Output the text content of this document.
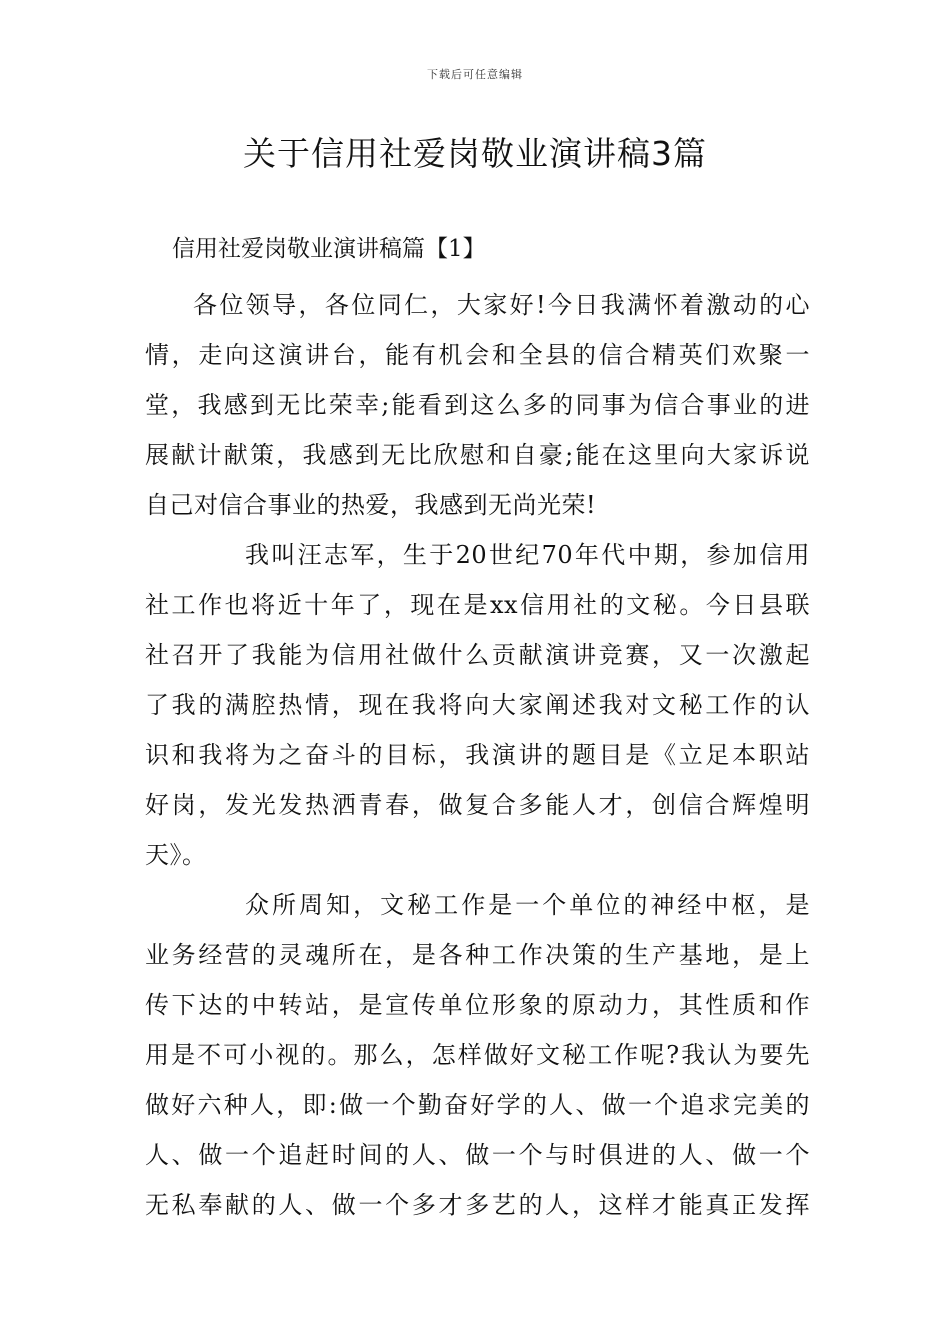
下载后可任意编辑
关于信用社爱岗敬业演讲稿3篇
信用社爱岗敬业演讲稿篇【1】

各位领导，各位同仁，大家好!今日我满怀着激动的心
情，走向这演讲台，能有机会和全县的信合精英们欢聚一
堂，我感到无比荣幸;能看到这么多的同事为信合事业的进
展献计献策，我感到无比欣慰和自豪;能在这里向大家诉说
自己对信合事业的热爱，我感到无尚光荣!

我叫汪志军，生于20世纪70年代中期，参加信用
社工作也将近十年了，现在是xx信用社的文秘。今日县联
社召开了我能为信用社做什么贡献演讲竞赛，又一次激起
了我的满腔热情，现在我将向大家阐述我对文秘工作的认
识和我将为之奋斗的目标，我演讲的题目是《立足本职站
好岗，发光发热洒青春，做复合多能人才，创信合辉煌明
天》。

众所周知，文秘工作是一个单位的神经中枢，是
业务经营的灵魂所在，是各种工作决策的生产基地，是上
传下达的中转站，是宣传单位形象的原动力，其性质和作
用是不可小视的。那么，怎样做好文秘工作呢?我认为要先
做好六种人，即:做一个勤奋好学的人、做一个追求完美的
人、做一个追赶时间的人、做一个与时俱进的人、做一个
无私奉献的人、做一个多才多艺的人，这样才能真正发挥
